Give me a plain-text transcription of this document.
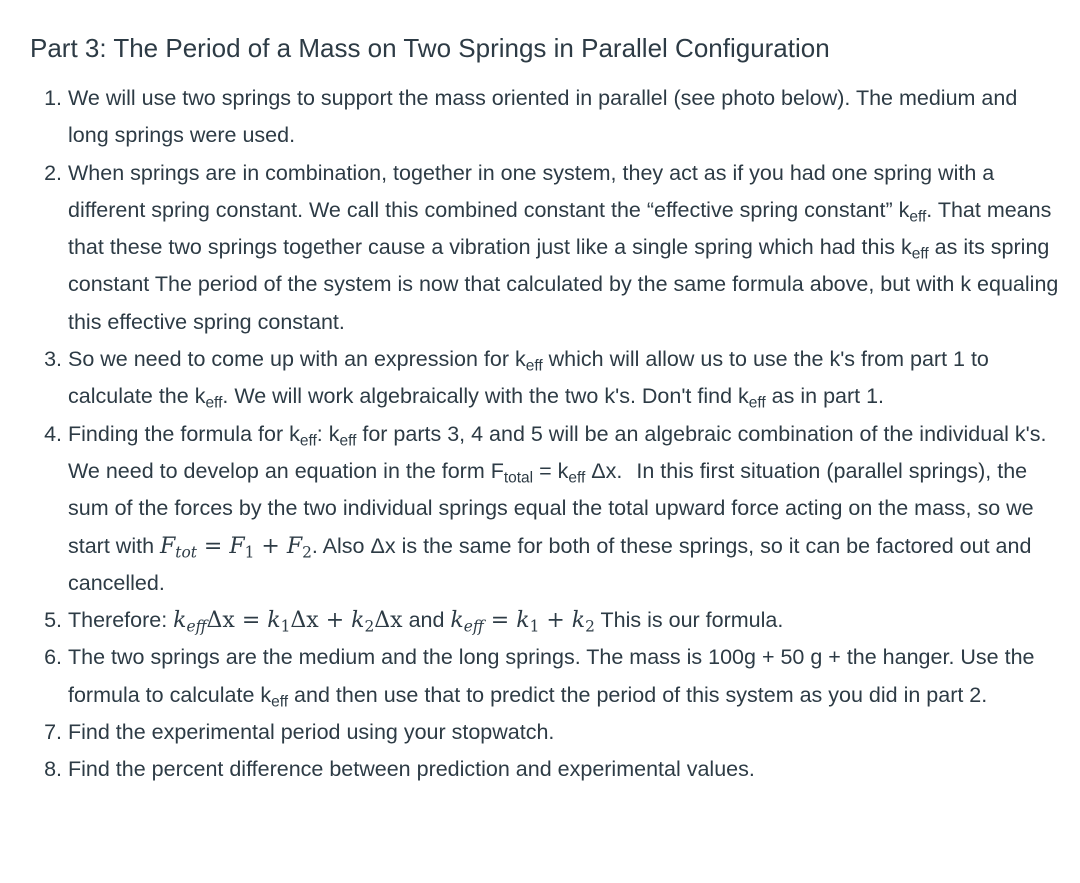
Part 3: The Period of a Mass on Two Springs in Parallel Configuration
1. We will use two springs to support the mass oriented in parallel (see photo below). The medium and long springs were used.
2. When springs are in combination, together in one system, they act as if you had one spring with a different spring constant. We call this combined constant the “effective spring constant” $k_{eff}$. That means that these two springs together cause a vibration just like a single spring which had this $k_{eff}$ as its spring constant The period of the system is now that calculated by the same formula above, but with k equaling this effective spring constant.
3. So we need to come up with an expression for $k_{eff}$ which will allow us to use the k's from part 1 to calculate the $k_{eff}$. We will work algebraically with the two k's. Don't find $k_{eff}$ as in part 1.
4. Finding the formula for $k_{eff}$: $k_{eff}$ for parts 3, 4 and 5 will be an algebraic combination of the individual k's. We need to develop an equation in the form $F_{total} = k_{eff}$ Δx. In this first situation (parallel springs), the sum of the forces by the two individual springs equal the total upward force acting on the mass, so we start with $F_{tot} = F_1 + F_2$. Also Δx is the same for both of these springs, so it can be factored out and cancelled.
5. Therefore: $k_{eff}\Delta x = k_1\Delta x + k_2\Delta x$ and $k_{eff} = k_1 + k_2$ This is our formula.
6. The two springs are the medium and the long springs. The mass is 100g + 50 g + the hanger. Use the formula to calculate $k_{eff}$ and then use that to predict the period of this system as you did in part 2.
7. Find the experimental period using your stopwatch.
8. Find the percent difference between prediction and experimental values.
